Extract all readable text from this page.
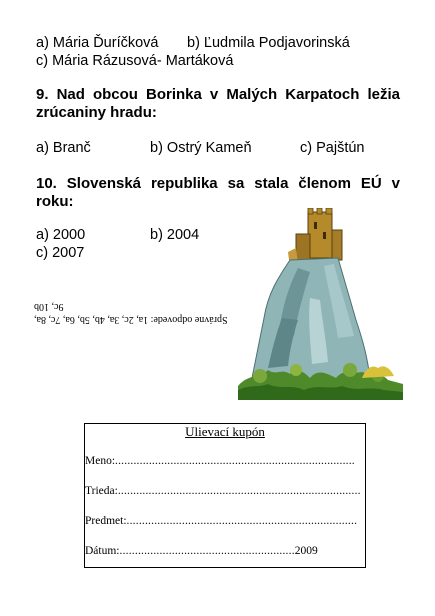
a) Mária Ďuríčková b) Ľudmila Podjavorinská
c) Mária Rázusová- Martáková
9. Nad obcou Borinka v Malých Karpatoch ležia zrúcaniny hradu:
a) Branč	b) Ostrý Kameň	c) Pajštún
10. Slovenská republika sa stala členom EÚ v roku:
a) 2000	b) 2004
c) 2007
Správne odpovede: 1a, 2c, 3a, 4b, 5b, 6a, 7c, 8a,
9c, 10b
Ulievací kupón
Meno:..............................................................................
Trieda:...............................................................................
Predmet:...........................................................................
Dátum:.........................................................2009
